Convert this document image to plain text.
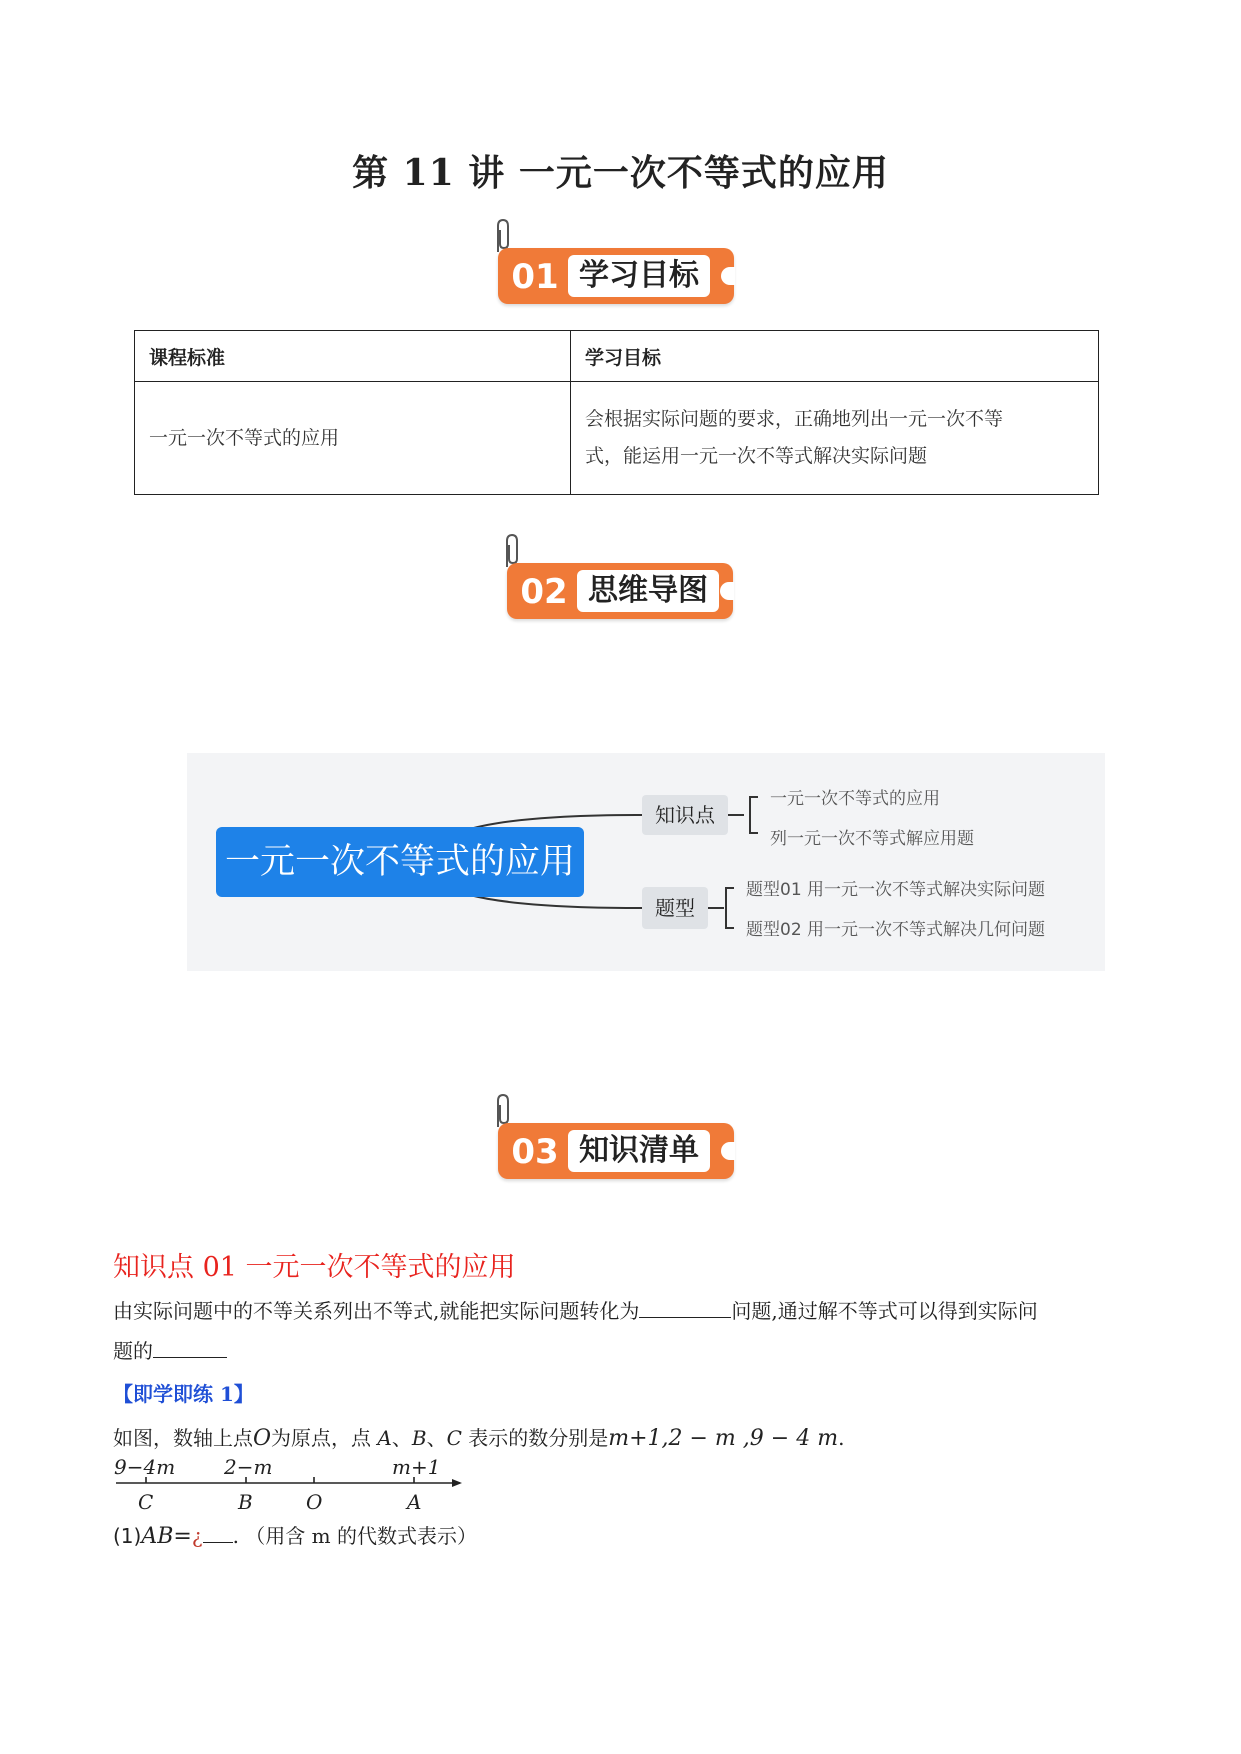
第 11 讲 一元一次不等式的应用
01 学习目标
课程标准	学习目标
一元一次不等式的应用	会根据实际问题的要求，正确地列出一元一次不等
式，能运用一元一次不等式解决实际问题
02 思维导图
一元一次不等式的应用
知识点
一元一次不等式的应用
列一元一次不等式解应用题
题型
题型01 用一元一次不等式解决实际问题
题型02 用一元一次不等式解决几何问题
03 知识清单
知识点 01 一元一次不等式的应用
由实际问题中的不等关系列出不等式,就能把实际问题转化为	问题,通过解不等式可以得到实际问
题的
【即学即练 1】
如图，数轴上点O为原点，点 A、B、C 表示的数分别是m+1,2 − m ,9 − 4 m.
9−4m 2−m	m+1
C	B	O	A
(1)AB=¿ . （用含 m 的代数式表示）
